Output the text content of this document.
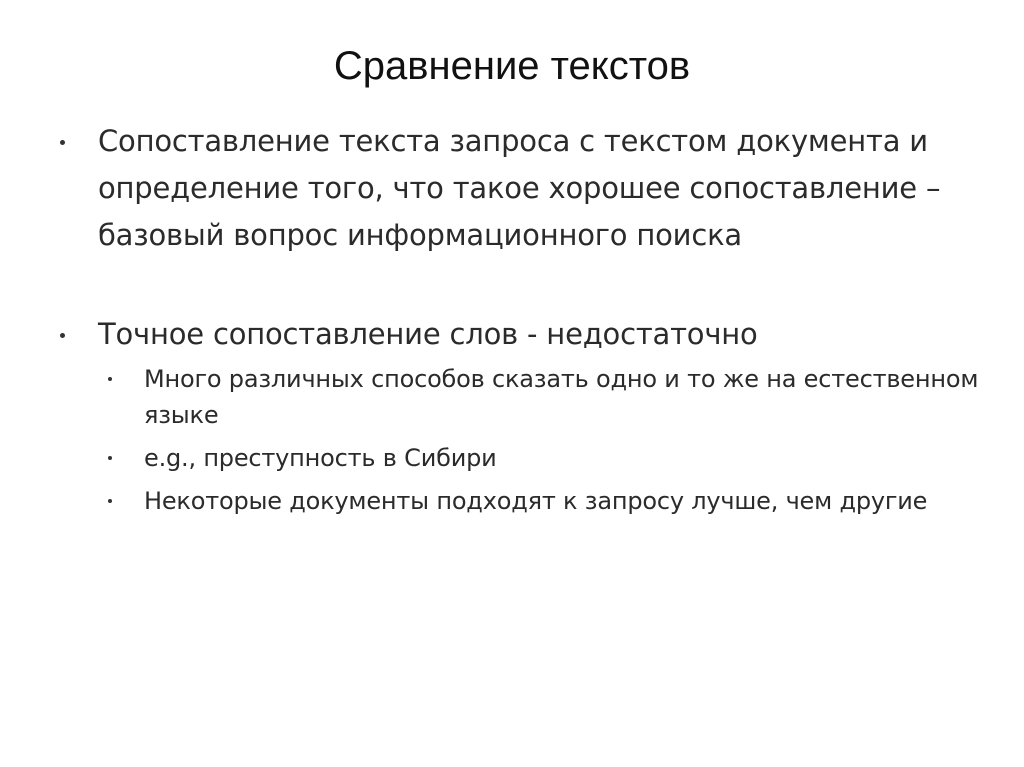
Сравнение текстов
Сопоставление текста запроса с текстом документа и определение того, что такое хорошее сопоставление – базовый вопрос информационного поиска
Точное сопоставление слов - недостаточно
Много различных способов сказать одно и то же на естественном языке
e.g., преступность в Сибири
Некоторые документы подходят к запросу лучше, чем другие
